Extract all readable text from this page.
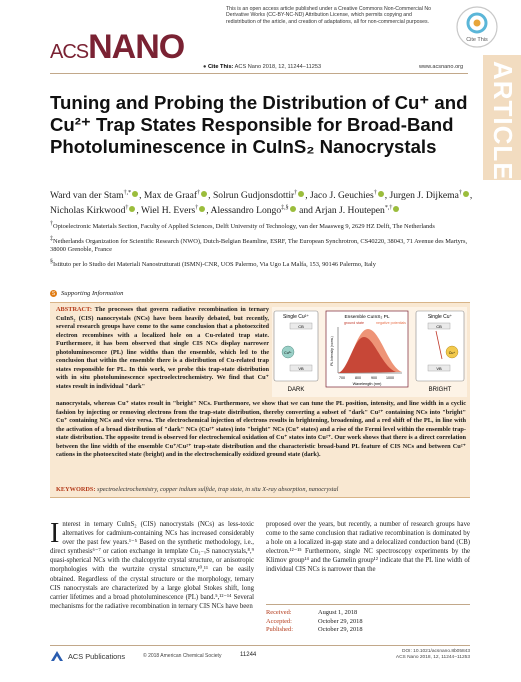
This is an open access article published under a Creative Commons Non-Commercial No Derivative Works (CC-BY-NC-ND) Attribution License, which permits copying and redistribution of the article, and creation of adaptations, all for non-commercial purposes.
Cite This
ACSNANO
● Cite This: ACS Nano 2018, 12, 11244−11253	www.acsnano.org ARTICLE
Tuning and Probing the Distribution of Cu⁺ and Cu²⁺ Trap States Responsible for Broad-Band Photoluminescence in CuInS₂ Nanocrystals
Ward van der Stam†,* , Max de Graaf† , Solrun Gudjonsdottir† , Jaco J. Geuchies† , Jurgen J. Dijkema† , Nicholas Kirkwood† , Wiel H. Evers† , Alessandro Longo‡,§ and Arjan J. Houtepen*,†
†Optoelectronic Materials Section, Faculty of Applied Sciences, Delft University of Technology, van der Maasweg 9, 2629 HZ Delft, The Netherlands
‡Netherlands Organization for Scientific Research (NWO), Dutch-Belgian Beamline, ESRF, The European Synchrotron, CS40220, 38043, 71 Avenue des Martyrs, 38000 Grenoble, France
§Istituto per lo Studio dei Materiali Nanostrutturati (ISMN)-CNR, UOS Palermo, Via Ugo La Malfa, 153, 90146 Palermo, Italy
S Supporting Information
ABSTRACT: The processes that govern radiative recombination in ternary CuInS₂ (CIS) nanocrystals (NCs) have been heavily debated, but recently, several research groups have come to the same conclusion that a photoexcited electron recombines with a localized hole on a Cu-related trap state. Furthermore, it has been observed that single CIS NCs display narrower photoluminescence (PL) line widths than the ensemble, which led to the conclusion that within the ensemble there is a distribution of Cu-related trap states responsible for PL. In this work, we probe this trap-state distribution with in situ photoluminescence spectroelectrochemistry. We find that Cu⁺ states result in individual "dark"
Single Cu²⁺
CB
Cu²⁺
VB
DARK
Ensemble CuInS₂ PL
ground state	negative potentials
PL Intensity (norm.)
700	800	900	1000
Wavelength (nm)
Single Cu⁺
CB
Cu⁺
VB
BRIGHT
nanocrystals, whereas Cu⁺ states result in "bright" NCs. Furthermore, we show that we can tune the PL position, intensity, and line width in a cyclic fashion by injecting or removing electrons from the trap-state distribution, thereby converting a subset of "dark" Cu²⁺ containing NCs into "bright" Cu⁺ containing NCs and vice versa. The electrochemical injection of electrons results in brightening, broadening, and a red shift of the PL, in line with the activation of a broad distribution of "dark" NCs (Cu²⁺ states) into "bright" NCs (Cu⁺ states) and a rise of the Fermi level within the ensemble trap-state distribution. The opposite trend is observed for electrochemical oxidation of Cu⁺ states into Cu²⁺. Our work shows that there is a direct correlation between the line width of the ensemble Cu⁺/Cu²⁺ trap-state distribution and the characteristic broad-band PL feature of CIS NCs and between Cu²⁺ cations in the photoexcited state (bright) and in the electrochemically oxidized ground state (dark).
KEYWORDS: spectroelectrochemistry, copper indium sulfide, trap state, in situ X-ray absorption, nanocrystal
Interest in ternary CuInS₂ (CIS) nanocrystals (NCs) as less-toxic alternatives for cadmium-containing NCs has increased considerably over the past few years.¹⁻⁵ Based on the synthetic methodology, i.e., direct synthesis⁶⁻⁷ or cation exchange in template Cu₂₋ₓS nanocrystals,⁸,⁹ quasi-spherical NCs with the chalcopyrite crystal structure, or anisotropic morphologies with the wurtzite crystal structure,¹⁰,¹¹ can be easily obtained. Regardless of the crystal structure or the morphology, ternary CIS nanocrystals are characterized by a large global Stokes shift, long carrier lifetimes and a broad photoluminescence (PL) band.⁵,¹²⁻¹⁴ Several mechanisms for the radiative recombination in ternary CIS NCs have been
proposed over the years, but recently, a number of research groups have come to the same conclusion that radiative recombination is dominated by a hole on a localized in-gap state and a delocalized conduction band (CB) electron.¹²⁻¹⁵ Furthermore, single NC spectroscopy experiments by the Klimov group¹⁴ and the Gamelin group¹² indicate that the PL line width of individual CIS NCs is narrower than the
Received:	August 1, 2018
Accepted:	October 29, 2018
Published:	October 29, 2018
ACS Publications	© 2018 American Chemical Society	11244
DOI: 10.1021/acsnano.8b05843
ACS Nano 2018, 12, 11244−11253
